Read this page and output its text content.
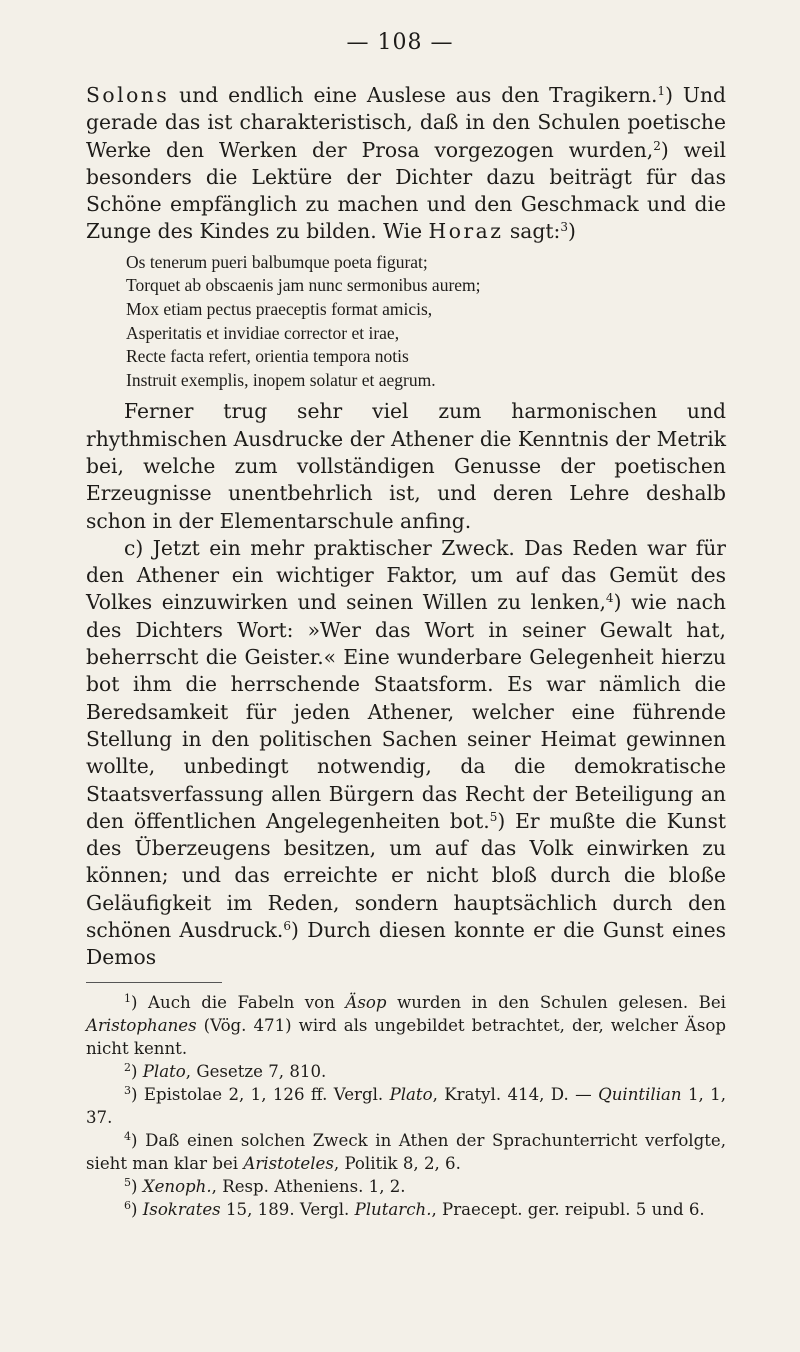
— 108 —

Solons und endlich eine Auslese aus den Tragikern.$^1$) Und gerade das ist charakteristisch, daß in den Schulen poetische Werke den Werken der Prosa vorgezogen wurden,$^2$) weil besonders die Lektüre der Dichter dazu beiträgt für das Schöne empfänglich zu machen und den Geschmack und die Zunge des Kindes zu bilden. Wie Horaz sagt:$^3$)

Os tenerum pueri balbumque poeta figurat;
Torquet ab obscaenis jam nunc sermonibus aurem;
Mox etiam pectus praeceptis format amicis,
Asperitatis et invidiae corrector et irae,
Recte facta refert, orientia tempora notis
Instruit exemplis, inopem solatur et aegrum.

Ferner trug sehr viel zum harmonischen und rhythmischen Ausdrucke der Athener die Kenntnis der Metrik bei, welche zum vollständigen Genusse der poetischen Erzeugnisse unentbehrlich ist, und deren Lehre deshalb schon in der Elementarschule anfing.

c) Jetzt ein mehr praktischer Zweck. Das Reden war für den Athener ein wichtiger Faktor, um auf das Gemüt des Volkes einzuwirken und seinen Willen zu lenken,$^4$) wie nach des Dichters Wort: »Wer das Wort in seiner Gewalt hat, beherrscht die Geister.« Eine wunderbare Gelegenheit hierzu bot ihm die herrschende Staatsform. Es war nämlich die Beredsamkeit für jeden Athener, welcher eine führende Stellung in den politischen Sachen seiner Heimat gewinnen wollte, unbedingt notwendig, da die demokratische Staatsverfassung allen Bürgern das Recht der Beteiligung an den öffentlichen Angelegenheiten bot.$^5$) Er mußte die Kunst des Überzeugens besitzen, um auf das Volk einwirken zu können; und das erreichte er nicht bloß durch die bloße Geläufigkeit im Reden, sondern hauptsächlich durch den schönen Ausdruck.$^6$) Durch diesen konnte er die Gunst eines Demos

$^1$) Auch die Fabeln von Äsop wurden in den Schulen gelesen. Bei Aristophanes (Vög. 471) wird als ungebildet betrachtet, der, welcher Äsop nicht kennt.

$^2$) Plato, Gesetze 7, 810.

$^3$) Epistolae 2, 1, 126 ff. Vergl. Plato, Kratyl. 414, D. — Quintilian 1, 1, 37.

$^4$) Daß einen solchen Zweck in Athen der Sprachunterricht verfolgte, sieht man klar bei Aristoteles, Politik 8, 2, 6.

$^5$) Xenoph., Resp. Atheniens. 1, 2.

$^6$) Isokrates 15, 189. Vergl. Plutarch., Praecept. ger. reipubl. 5 und 6.
